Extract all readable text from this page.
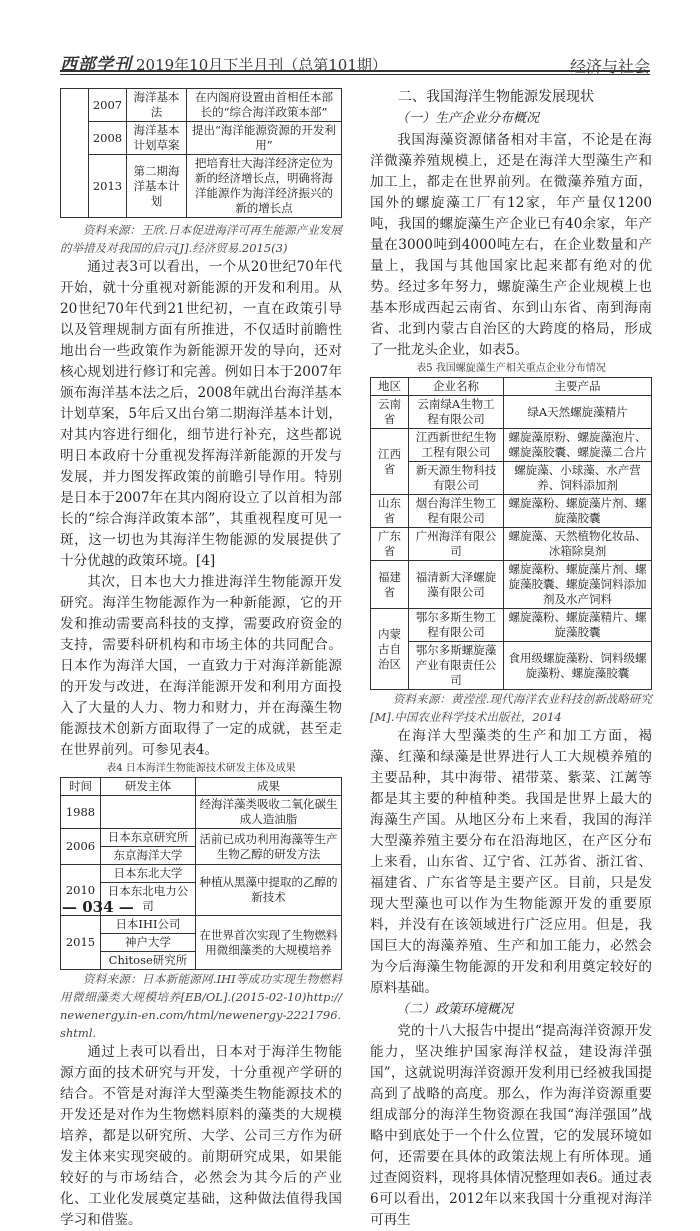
西部学刊 2019年10月下半月刊（总第101期）	经济与社会
	2007	海洋基本法	在内阁府设置由首相任本部长的“综合海洋政策本部”
	2008	海洋基本计划草案	提出“海洋能源资源的开发利用”
	2013	第二期海洋基本计划	把培育壮大海洋经济定位为新的经济增长点，明确将海洋能源作为海洋经济振兴的新的增长点

资料来源：王欣.日本促进海洋可再生能源产业发展的举措及对我国的启示[J].经济贸易.2015(3)

通过表3可以看出，一个从20世纪70年代开始，就十分重视对新能源的开发和利用。从20世纪70年代到21世纪初，一直在政策引导以及管理规制方面有所推进，不仅适时前瞻性地出台一些政策作为新能源开发的导向，还对核心规划进行修订和完善。例如日本于2007年颁布海洋基本法之后，2008年就出台海洋基本计划草案，5年后又出台第二期海洋基本计划，对其内容进行细化，细节进行补充，这些都说明日本政府十分重视发挥海洋新能源的开发与发展，并力图发挥政策的前瞻引导作用。特别是日本于2007年在其内阁府设立了以首相为部长的“综合海洋政策本部”，其重视程度可见一斑，这一切也为其海洋生物能源的发展提供了十分优越的政策环境。[4]

其次，日本也大力推进海洋生物能源开发研究。海洋生物能源作为一种新能源，它的开发和推动需要高科技的支撑，需要政府资金的支持，需要科研机构和市场主体的共同配合。日本作为海洋大国，一直致力于对海洋新能源的开发与改进，在海洋能源开发和利用方面投入了大量的人力、物力和财力，并在海藻生物能源技术创新方面取得了一定的成就，甚至走在世界前列。可参见表4。

表4 日本海洋生物能源技术研发主体及成果
时间	研发主体	成果
1988		经海洋藻类吸收二氧化碳生成人造油脂
2006	日本东京研究所	活前已成功利用海藻等生产生物乙醇的研发方法
	东京海洋大学	
2010	日本东北大学	种植从黑藻中提取的乙醇的新技术
	日本东北电力公司	
2015	日本IHI公司	在世界首次实现了生物燃料用微细藻类的大规模培养
	神户大学	
	Chitose研究所	

资料来源：日本新能源网.IHI等成功实现生物燃料用微细藻类大规模培养[EB/OL].(2015-02-10)http://newenergy.in-en.com/html/newenergy-2221796.shtml.

通过上表可以看出，日本对于海洋生物能源方面的技术研究与开发，十分重视产学研的结合。不管是对海洋大型藻类生物能源技术的开发还是对作为生物燃料原料的藻类的大规模培养，都是以研究所、大学、公司三方作为研发主体来实现突破的。前期研究成果，如果能较好的与市场结合，必然会为其今后的产业化、工业化发展奠定基础，这种做法值得我国学习和借鉴。

二、我国海洋生物能源发展现状
（一）生产企业分布概况

我国海藻资源储备相对丰富，不论是在海洋微藻养殖规模上，还是在海洋大型藻生产和加工上，都走在世界前列。在微藻养殖方面，国外的螺旋藻工厂有12家，年产量仅1200吨，我国的螺旋藻生产企业已有40余家，年产量在3000吨到4000吨左右，在企业数量和产量上，我国与其他国家比起来都有绝对的优势。经过多年努力，螺旋藻生产企业规模上也基本形成西起云南省、东到山东省、南到海南省、北到内蒙古自治区的大跨度的格局，形成了一批龙头企业，如表5。

表5 我国螺旋藻生产相关重点企业分布情况
地区	企业名称	主要产品
云南省	云南绿A生物工程有限公司	绿A天然螺旋藻精片
江西省	江西新世纪生物工程有限公司	螺旋藻原粉、螺旋藻泡片、螺旋藻胶囊、螺旋藻二合片
	新天源生物科技有限公司	螺旋藻、小球藻、水产营养、饲料添加剂
山东省	烟台海洋生物工程有限公司	螺旋藻粉、螺旋藻片剂、螺旋藻胶囊
广东省	广州海洋有限公司	螺旋藻、天然植物化妆品、冰箱除臭剂
福建省	福清新大泽螺旋藻有限公司	螺旋藻粉、螺旋藻片剂、螺旋藻胶囊、螺旋藻饲料添加剂及水产饲料
内蒙古自治区	鄂尔多斯生物工程有限公司	螺旋藻粉、螺旋藻精片、螺旋藻胶囊
	鄂尔多斯螺旋藻产业有限责任公司	食用级螺旋藻粉、饲料级螺旋藻粉、螺旋藻胶囊

资料来源：黄滢滢.现代海洋农业科技创新战略研究[M].中国农业科学技术出版社，2014

在海洋大型藻类的生产和加工方面，褐藻、红藻和绿藻是世界进行人工大规模养殖的主要品种，其中海带、裙带菜、紫菜、江蓠等都是其主要的种植种类。我国是世界上最大的海藻生产国。从地区分布上来看，我国的海洋大型藻养殖主要分布在沿海地区，在产区分布上来看，山东省、辽宁省、江苏省、浙江省、福建省、广东省等是主要产区。目前，只是发现大型藻也可以作为生物能源开发的重要原料，并没有在该领域进行广泛应用。但是，我国巨大的海藻养殖、生产和加工能力，必然会为今后海藻生物能源的开发和利用奠定较好的原料基础。

（二）政策环境概况

党的十八大报告中提出“提高海洋资源开发能力，坚决维护国家海洋权益，建设海洋强国”，这就说明海洋资源开发利用已经被我国提高到了战略的高度。那么，作为海洋资源重要组成部分的海洋生物资源在我国“海洋强国”战略中到底处于一个什么位置，它的发展环境如何，还需要在具体的政策法规上有所体现。通过查阅资料，现将具体情况整理如表6。通过表6可以看出，2012年以来我国十分重视对海洋可再生

— 034 —
